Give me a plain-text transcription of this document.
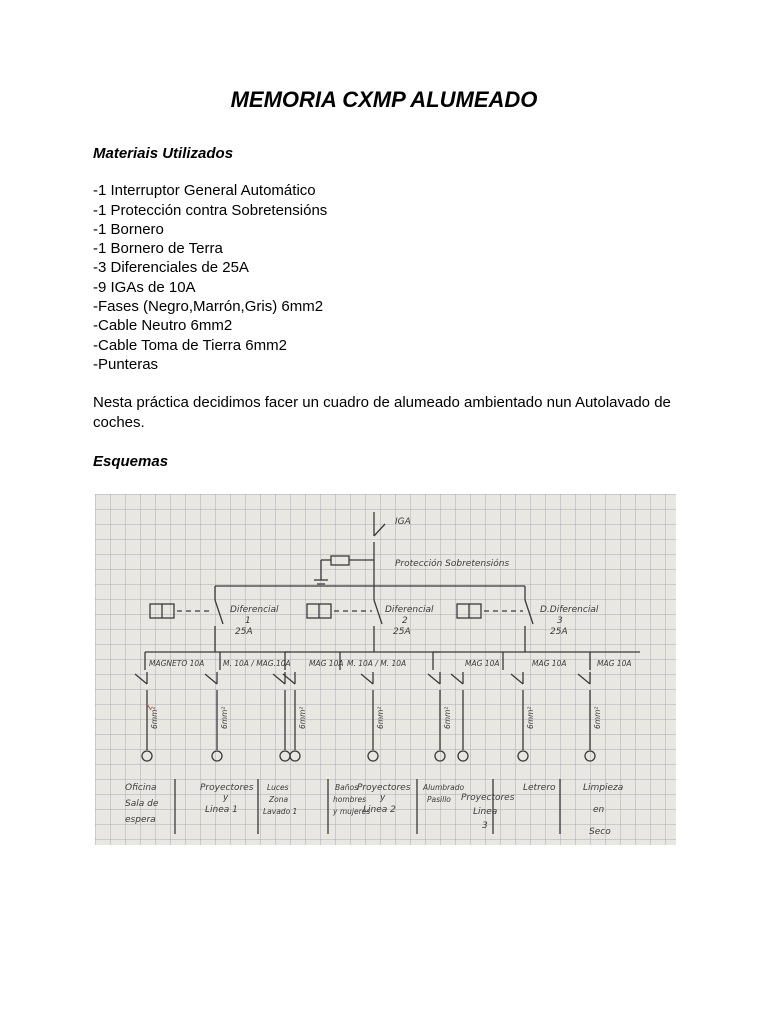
MEMORIA CXMP ALUMEADO

Materiais Utilizados

-1 Interruptor General Automático
-1 Protección contra Sobretensións
-1 Bornero
-1 Bornero de Terra
-3 Diferenciales de 25A
-9 IGAs de 10A
-Fases (Negro,Marrón,Gris) 6mm2
-Cable Neutro 6mm2
-Cable Toma de Tierra 6mm2
-Punteras

Nesta práctica decidimos facer un cuadro de alumeado ambientado nun Autolavado de coches.

Esquemas

IGA
Protección Sobretensións
Diferencial
1
25A
Diferencial
2
25A
D.Diferencial
3
25A
MAGNETO 10A M. 10A / MAG.10A MAG 10A M. 10A / M. 10A	MAG 10A	MAG 10A	MAG 10A
6mm²	6mm²	6mm²	6mm²	6mm²	6mm²	6mm²
Oficina
Sala de
espera
Proyectores
y
Linea 1
Luces
Zona
Lavado 1
Baños
hombres
y mujeres
Proyectores
y
Linea 2
Alumbrado
Pasillo Proyectores
Linea
3
Letrero	Limpieza
en
Seco
